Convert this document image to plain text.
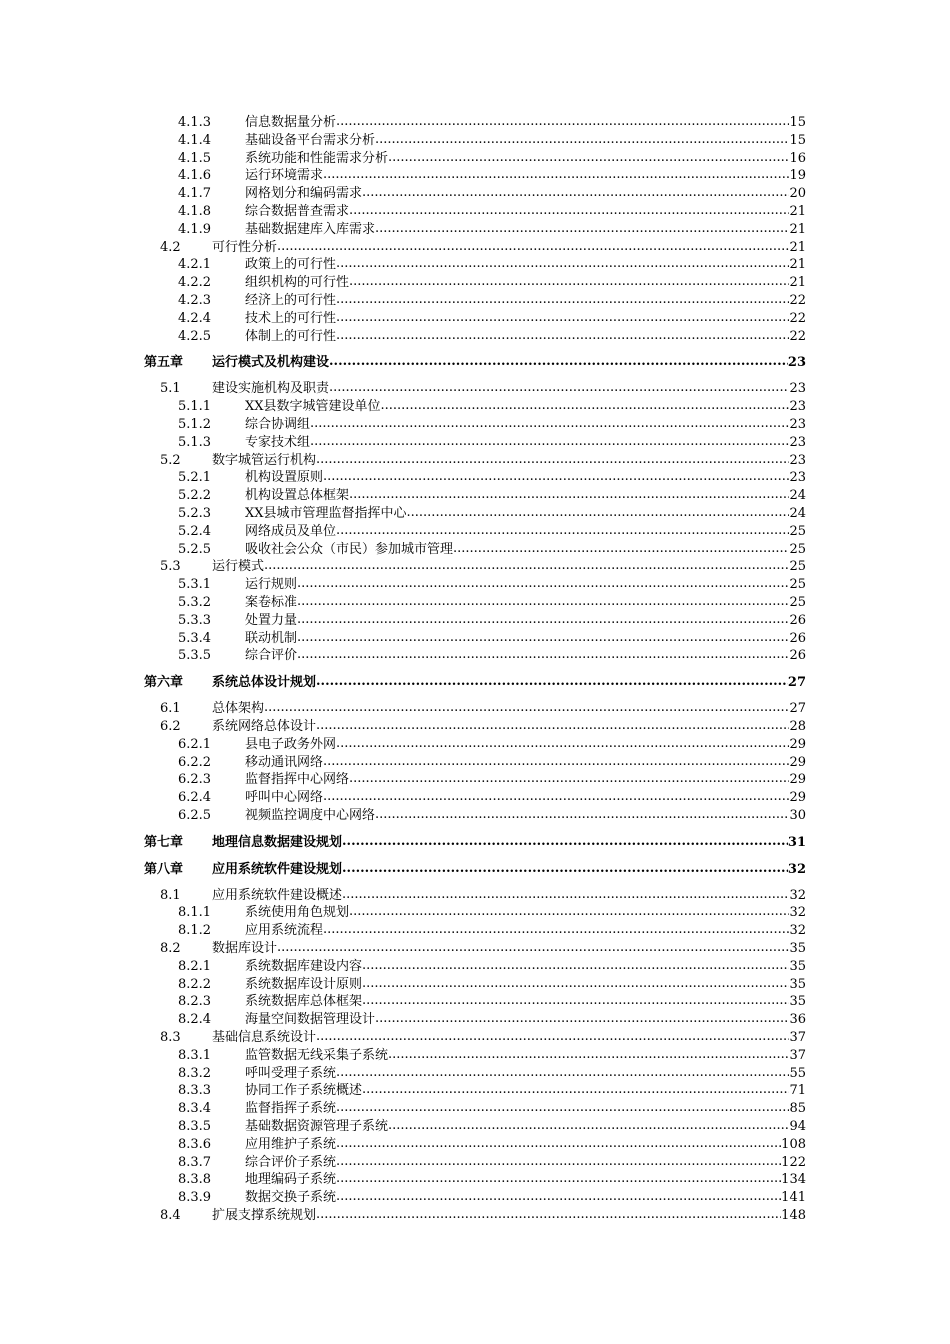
4.1.3	信息数据量分析 .....	15
4.1.4	基础设备平台需求分析 .....	15
4.1.5	系统功能和性能需求分析 .....	16
4.1.6	运行环境需求 .....	19
4.1.7	网格划分和编码需求 .....	20
4.1.8	综合数据普查需求 .....	21
4.1.9	基础数据建库入库需求 .....	21
4.2	可行性分析 .....	21
4.2.1	政策上的可行性 .....	21
4.2.2	组织机构的可行性 .....	21
4.2.3	经济上的可行性 .....	22
4.2.4	技术上的可行性 .....	22
4.2.5	体制上的可行性 .....	22
第五章	运行模式及机构建设 .....	23
5.1	建设实施机构及职责 .....	23
5.1.1	XX县数字城管建设单位 .....	23
5.1.2	综合协调组 .....	23
5.1.3	专家技术组 .....	23
5.2	数字城管运行机构 .....	23
5.2.1	机构设置原则 .....	23
5.2.2	机构设置总体框架 .....	24
5.2.3	XX县城市管理监督指挥中心 .....	24
5.2.4	网络成员及单位 .....	25
5.2.5	吸收社会公众（市民）参加城市管理 .....	25
5.3	运行模式 .....	25
5.3.1	运行规则 .....	25
5.3.2	案卷标准 .....	25
5.3.3	处置力量 .....	26
5.3.4	联动机制 .....	26
5.3.5	综合评价 .....	26
第六章	系统总体设计规划 .....	27
6.1	总体架构 .....	27
6.2	系统网络总体设计 .....	28
6.2.1	县电子政务外网 .....	29
6.2.2	移动通讯网络 .....	29
6.2.3	监督指挥中心网络 .....	29
6.2.4	呼叫中心网络 .....	29
6.2.5	视频监控调度中心网络 .....	30
第七章	地理信息数据建设规划 .....	31
第八章	应用系统软件建设规划 .....	32
8.1	应用系统软件建设概述 .....	32
8.1.1	系统使用角色规划 .....	32
8.1.2	应用系统流程 .....	32
8.2	数据库设计 .....	35
8.2.1	系统数据库建设内容 .....	35
8.2.2	系统数据库设计原则 .....	35
8.2.3	系统数据库总体框架 .....	35
8.2.4	海量空间数据管理设计 .....	36
8.3	基础信息系统设计 .....	37
8.3.1	监管数据无线采集子系统 .....	37
8.3.2	呼叫受理子系统 .....	55
8.3.3	协同工作子系统概述 .....	71
8.3.4	监督指挥子系统 .....	85
8.3.5	基础数据资源管理子系统 .....	94
8.3.6	应用维护子系统 .....	108
8.3.7	综合评价子系统 .....	122
8.3.8	地理编码子系统 .....	134
8.3.9	数据交换子系统 .....	141
8.4	扩展支撑系统规划 .....	148
